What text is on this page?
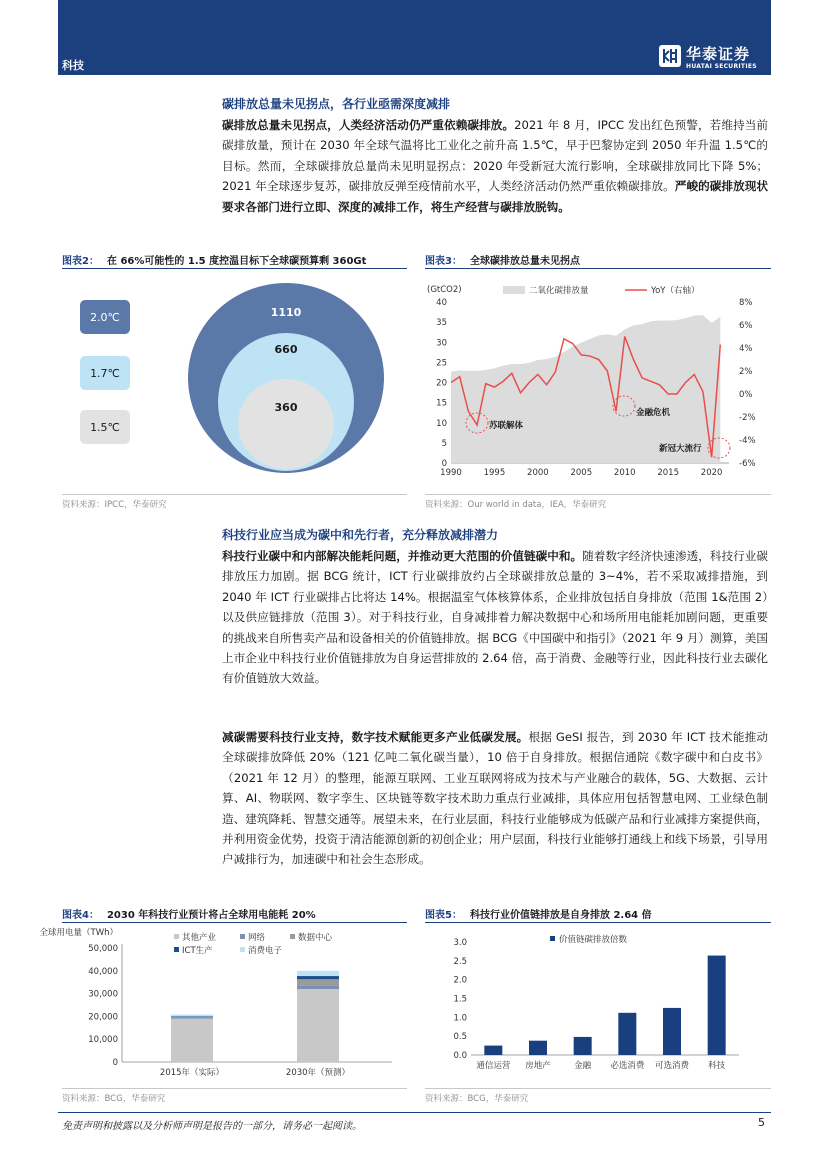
科技
华泰证券
HUATAI SECURITIES
碳排放总量未见拐点，各行业亟需深度减排
碳排放总量未见拐点，人类经济活动仍严重依赖碳排放。2021 年 8 月，IPCC 发出红色预警，若维持当前碳排放量，预计在 2030 年全球气温将比工业化之前升高 1.5℃，早于巴黎协定到 2050 年升温 1.5℃的目标。然而，全球碳排放总量尚未见明显拐点：2020 年受新冠大流行影响，全球碳排放同比下降 5%；2021 年全球逐步复苏，碳排放反弹至疫情前水平，人类经济活动仍然严重依赖碳排放。严峻的碳排放现状要求各部门进行立即、深度的减排工作，将生产经营与碳排放脱钩。
图表2： 在 66%可能性的 1.5 度控温目标下全球碳预算剩 360Gt
1110
660
360
2.0℃
1.7℃
1.5℃
资料来源：IPCC，华泰研究
图表3： 全球碳排放总量未见拐点
(GtCO2)
0
5
10
15
20
25
30
35
40
-6%
-4%
-2%
0%
2%
4%
6%
8%
1990	1995	2000	2005	2010	2015	2020
二氧化碳排放量	YoY（右轴）
苏联解体
金融危机
新冠大流行
资料来源：Our world in data，IEA，华泰研究
科技行业应当成为碳中和先行者，充分释放减排潜力
科技行业碳中和内部解决能耗问题，并推动更大范围的价值链碳中和。随着数字经济快速渗透，科技行业碳排放压力加剧。据 BCG 统计，ICT 行业碳排放约占全球碳排放总量的 3~4%，若不采取减排措施，到 2040 年 ICT 行业碳排占比将达 14%。根据温室气体核算体系，企业排放包括自身排放（范围 1&范围 2）以及供应链排放（范围 3）。对于科技行业，自身减排着力解决数据中心和场所用电能耗加剧问题，更重要的挑战来自所售卖产品和设备相关的价值链排放。据 BCG《中国碳中和指引》（2021 年 9 月）测算，美国上市企业中科技行业价值链排放为自身运营排放的 2.64 倍，高于消费、金融等行业，因此科技行业去碳化有价值链放大效益。
减碳需要科技行业支持，数字技术赋能更多产业低碳发展。根据 GeSI 报告，到 2030 年 ICT 技术能推动全球碳排放降低 20%（121 亿吨二氧化碳当量），10 倍于自身排放。根据信通院《数字碳中和白皮书》（2021 年 12 月）的整理，能源互联网、工业互联网将成为技术与产业融合的载体，5G、大数据、云计算、AI、物联网、数字孪生、区块链等数字技术助力重点行业减排，具体应用包括智慧电网、工业绿色制造、建筑降耗、智慧交通等。展望未来，在行业层面，科技行业能够成为低碳产品和行业减排方案提供商，并利用资金优势，投资于清洁能源创新的初创企业；用户层面，科技行业能够打通线上和线下场景，引导用户减排行为，加速碳中和社会生态形成。
图表4： 2030 年科技行业预计将占全球用电能耗 20%
全球用电量（TWh）
0
10,000
20,000
30,000
40,000
50,000
2015年（实际）	2030年（预测）
其他产业	网络	数据中心
ICT生产	消费电子
资料来源：BCG，华泰研究
图表5： 科技行业价值链排放是自身排放 2.64 倍
0.0
0.5
1.0
1.5
2.0
2.5
3.0
通信运营 房地产	金融 必选消费 可选消费 科技
价值链碳排放倍数
资料来源：BCG，华泰研究
免责声明和披露以及分析师声明是报告的一部分，请务必一起阅读。	5
